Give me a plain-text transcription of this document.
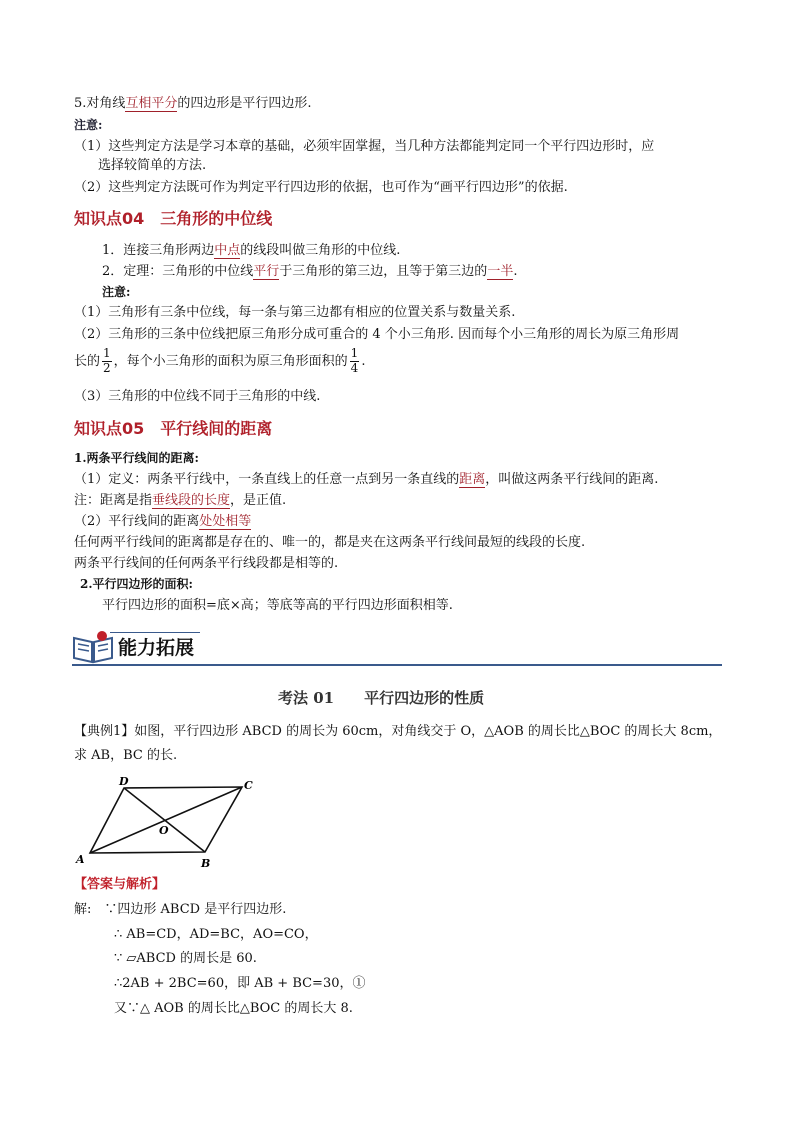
5.对角线互相平分的四边形是平行四边形.
注意:
（1）这些判定方法是学习本章的基础，必须牢固掌握，当几种方法都能判定同一个平行四边形时，应
选择较简单的方法.
（2）这些判定方法既可作为判定平行四边形的依据，也可作为“画平行四边形”的依据.
知识点04　三角形的中位线
1．连接三角形两边中点的线段叫做三角形的中位线.
2．定理：三角形的中位线平行于三角形的第三边，且等于第三边的一半.
注意:
（1）三角形有三条中位线，每一条与第三边都有相应的位置关系与数量关系.
（2）三角形的三条中位线把原三角形分成可重合的 4 个小三角形. 因而每个小三角形的周长为原三角形周
长的 $\frac{1}{2}$ ，每个小三角形的面积为原三角形面积的 $\frac{1}{4}$ .
（3）三角形的中位线不同于三角形的中线.
知识点05　平行线间的距离
1.两条平行线间的距离:
（1）定义：两条平行线中，一条直线上的任意一点到另一条直线的距离，叫做这两条平行线间的距离.
注：距离是指垂线段的长度，是正值.
（2）平行线间的距离处处相等
任何两平行线间的距离都是存在的、唯一的，都是夹在这两条平行线间最短的线段的长度.
两条平行线间的任何两条平行线段都是相等的.
2.平行四边形的面积:
平行四边形的面积=底×高；等底等高的平行四边形面积相等.
能力拓展
考法 01　　平行四边形的性质
【典例1】如图，平行四边形 ABCD 的周长为 60cm，对角线交于 O，△AOB 的周长比△BOC 的周长大 8cm，
求 AB，BC 的长.
A	B
C
D
O
【答案与解析】
解:　∵四边形 ABCD 是平行四边形.
∴ AB=CD，AD=BC，AO=CO，
∵ ▱ABCD 的周长是 60.
∴2AB + 2BC=60，即 AB + BC=30，①
又∵△ AOB 的周长比△BOC 的周长大 8.
